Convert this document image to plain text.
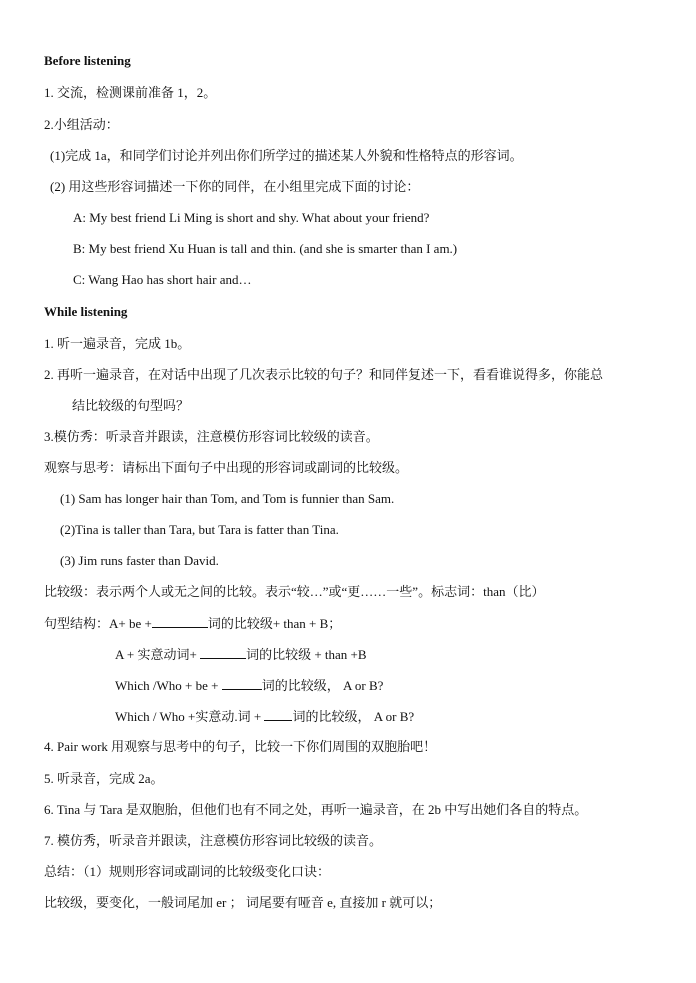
Before listening
1. 交流，检测课前准备 1，2。
2.小组活动：
(1)完成 1a，和同学们讨论并列出你们所学过的描述某人外貌和性格特点的形容词。
(2) 用这些形容词描述一下你的同伴，在小组里完成下面的讨论：
A: My best friend Li Ming is short and shy. What about your friend?
B: My best friend Xu Huan is tall and thin. (and she is smarter than I am.)
C: Wang Hao has short hair and…
While listening
1. 听一遍录音，完成 1b。
2. 再听一遍录音，在对话中出现了几次表示比较的句子？和同伴复述一下，看看谁说得多，你能总
结比较级的句型吗？
3.模仿秀：听录音并跟读，注意模仿形容词比较级的读音。
观察与思考：请标出下面句子中出现的形容词或副词的比较级。
(1) Sam has longer hair than Tom, and Tom is funnier than Sam.
(2)Tina is taller than Tara, but Tara is fatter than Tina.
(3) Jim runs faster than David.
比较级：表示两个人或无之间的比较。表示“较…”或“更……一些”。标志词：than（比）
4. Pair work 用观察与思考中的句子，比较一下你们周围的双胞胎吧！
5. 听录音，完成 2a。
6. Tina 与 Tara 是双胞胎，但他们也有不同之处，再听一遍录音，在 2b 中写出她们各自的特点。
7. 模仿秀，听录音并跟读，注意模仿形容词比较级的读音。
总结：（1）规则形容词或副词的比较级变化口诀：
比较级，要变化，一般词尾加 er ； 词尾要有哑音 e, 直接加 r 就可以；
句型结构：A+ be +	词的比较级+ than + B；
A + 实意动词+	词的比较级 + than +B
Which /Who + be +	词的比较级， A or B?
Which / Who +实意动.词 + 词的比较级， A or B?
